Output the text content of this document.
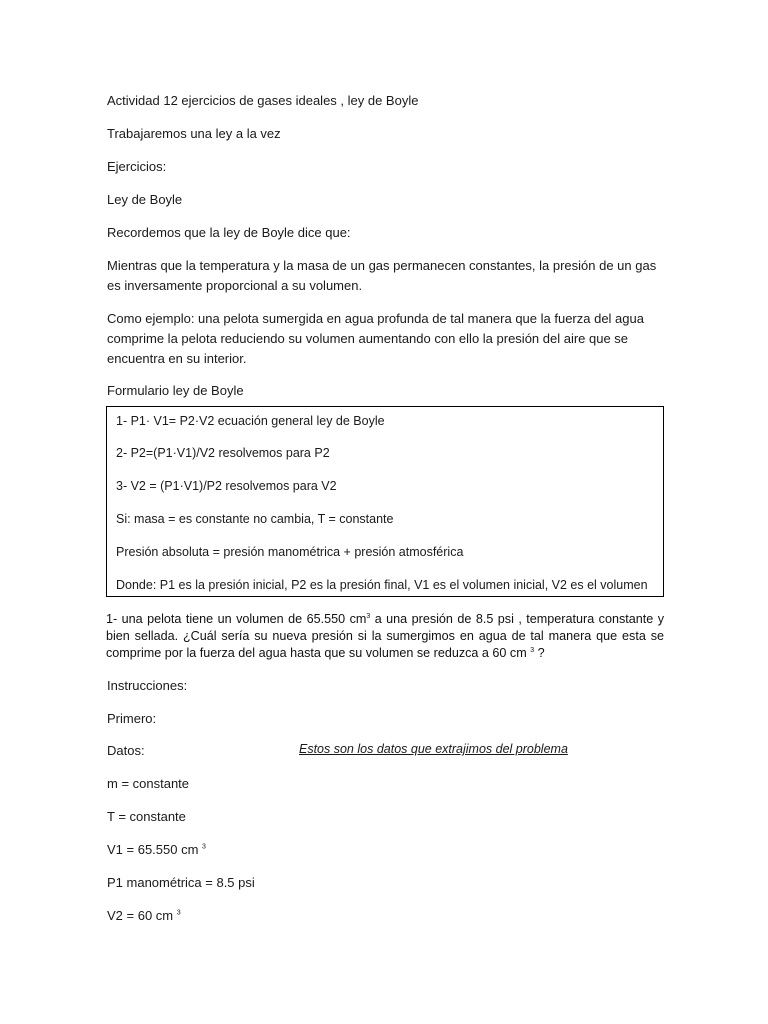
Actividad 12 ejercicios de gases ideales , ley de Boyle
Trabajaremos una ley a la vez
Ejercicios:
Ley de Boyle
Recordemos que la ley de Boyle dice que:
Mientras que la temperatura y la masa de un gas permanecen constantes, la presión de un gas es inversamente proporcional a su volumen.
Como ejemplo: una pelota sumergida en agua profunda de tal manera que la fuerza del agua comprime la pelota reduciendo su volumen aumentando con ello la presión del aire que se encuentra en su interior.
Formulario ley de Boyle
1- P1· V1= P2·V2 ecuación general ley de Boyle
2- P2=(P1·V1)/V2 resolvemos para P2
3- V2 = (P1·V1)/P2 resolvemos para V2
Si: masa = es constante no cambia, T = constante
Presión absoluta = presión manométrica + presión atmosférica
Donde: P1 es la presión inicial, P2 es la presión final, V1 es el volumen inicial, V2 es el volumen
1- una pelota tiene un volumen de 65.550 $cm^3$ a una presión de 8.5 psi , temperatura constante y bien sellada. ¿Cuál sería su nueva presión si la sumergimos en agua de tal manera que esta se comprime por la fuerza del agua hasta que su volumen se reduzca a 60 cm $^3$ ?
Instrucciones:
Primero:
Datos:	Estos son los datos que extrajimos del problema
m = constante
T = constante
V1 = 65.550 cm $^3$
P1 manométrica = 8.5 psi
V2 = 60 cm $^3$
